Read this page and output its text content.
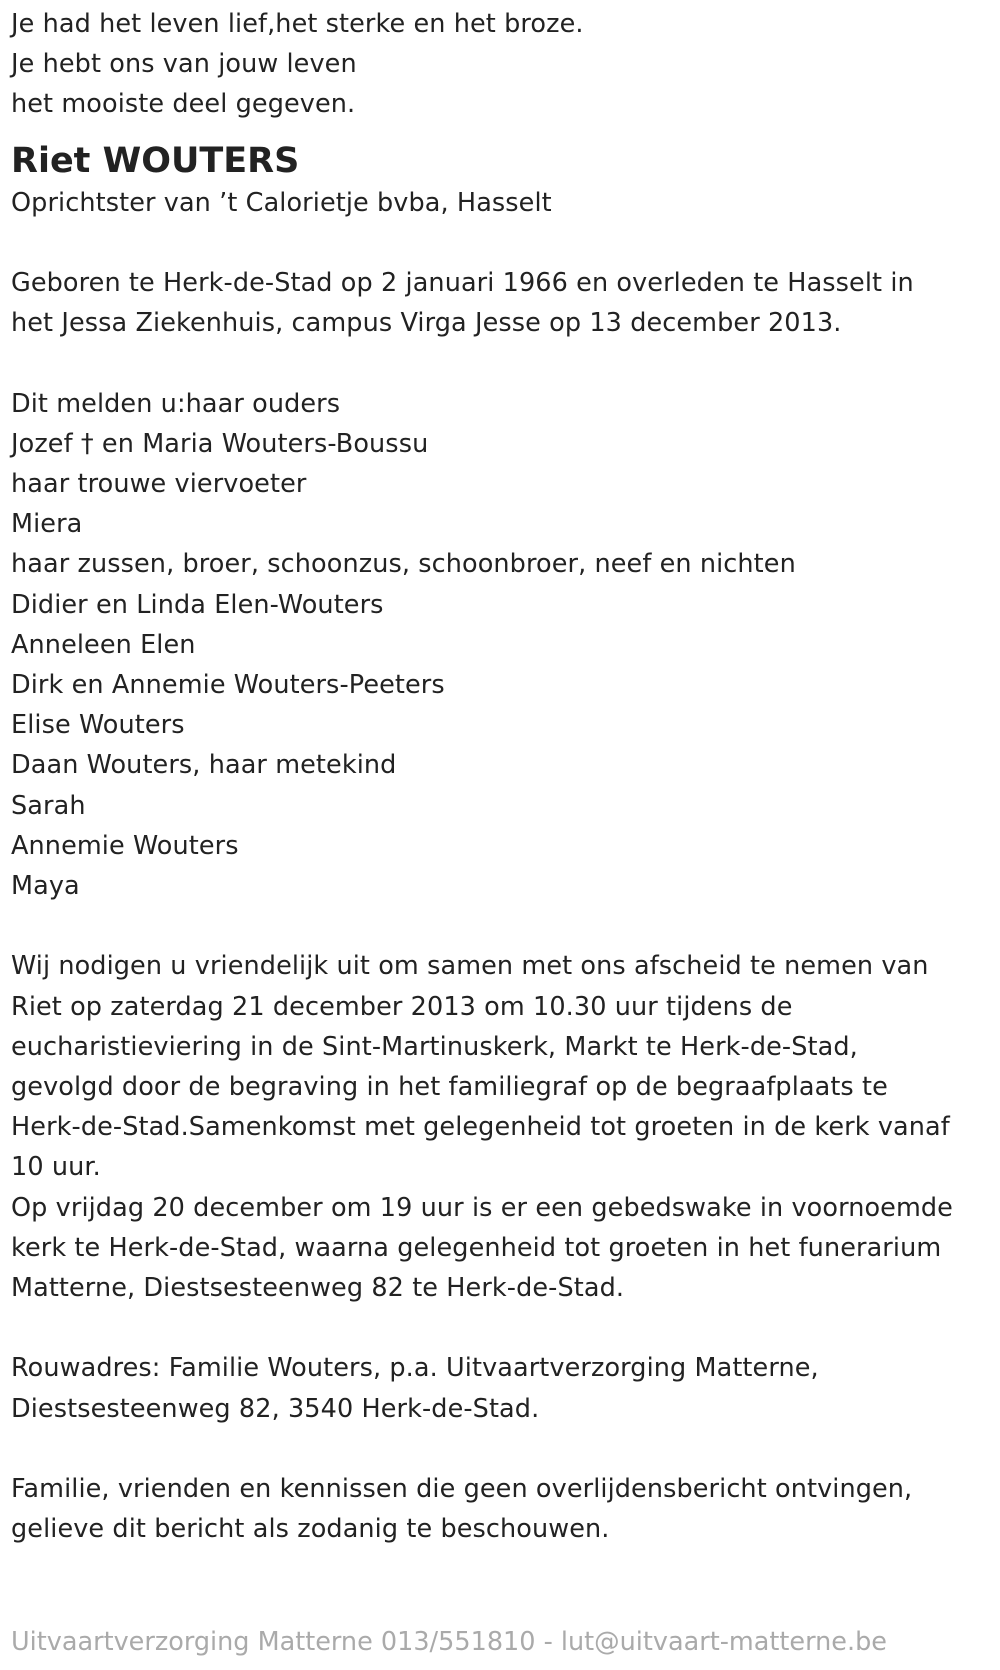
Je had het leven lief,het sterke en het broze.
Je hebt ons van jouw leven
het mooiste deel gegeven.
Riet WOUTERS
Oprichtster van ’t Calorietje bvba, Hasselt
Geboren te Herk-de-Stad op 2 januari 1966 en overleden te Hasselt in
het Jessa Ziekenhuis, campus Virga Jesse op 13 december 2013.
Dit melden u:haar ouders
Jozef † en Maria Wouters-Boussu
haar trouwe viervoeter
Miera
haar zussen, broer, schoonzus, schoonbroer, neef en nichten
Didier en Linda Elen-Wouters
Anneleen Elen
Dirk en Annemie Wouters-Peeters
Elise Wouters
Daan Wouters, haar metekind
Sarah
Annemie Wouters
Maya
Wij nodigen u vriendelijk uit om samen met ons afscheid te nemen van
Riet op zaterdag 21 december 2013 om 10.30 uur tijdens de
eucharistieviering in de Sint-Martinuskerk, Markt te Herk-de-Stad,
gevolgd door de begraving in het familiegraf op de begraafplaats te
Herk-de-Stad.Samenkomst met gelegenheid tot groeten in de kerk vanaf
10 uur.
Op vrijdag 20 december om 19 uur is er een gebedswake in voornoemde
kerk te Herk-de-Stad, waarna gelegenheid tot groeten in het funerarium
Matterne, Diestsesteenweg 82 te Herk-de-Stad.
Rouwadres: Familie Wouters, p.a. Uitvaartverzorging Matterne,
Diestsesteenweg 82, 3540 Herk-de-Stad.
Familie, vrienden en kennissen die geen overlijdensbericht ontvingen,
gelieve dit bericht als zodanig te beschouwen.
Uitvaartverzorging Matterne 013/551810 - lut@uitvaart-matterne.be
